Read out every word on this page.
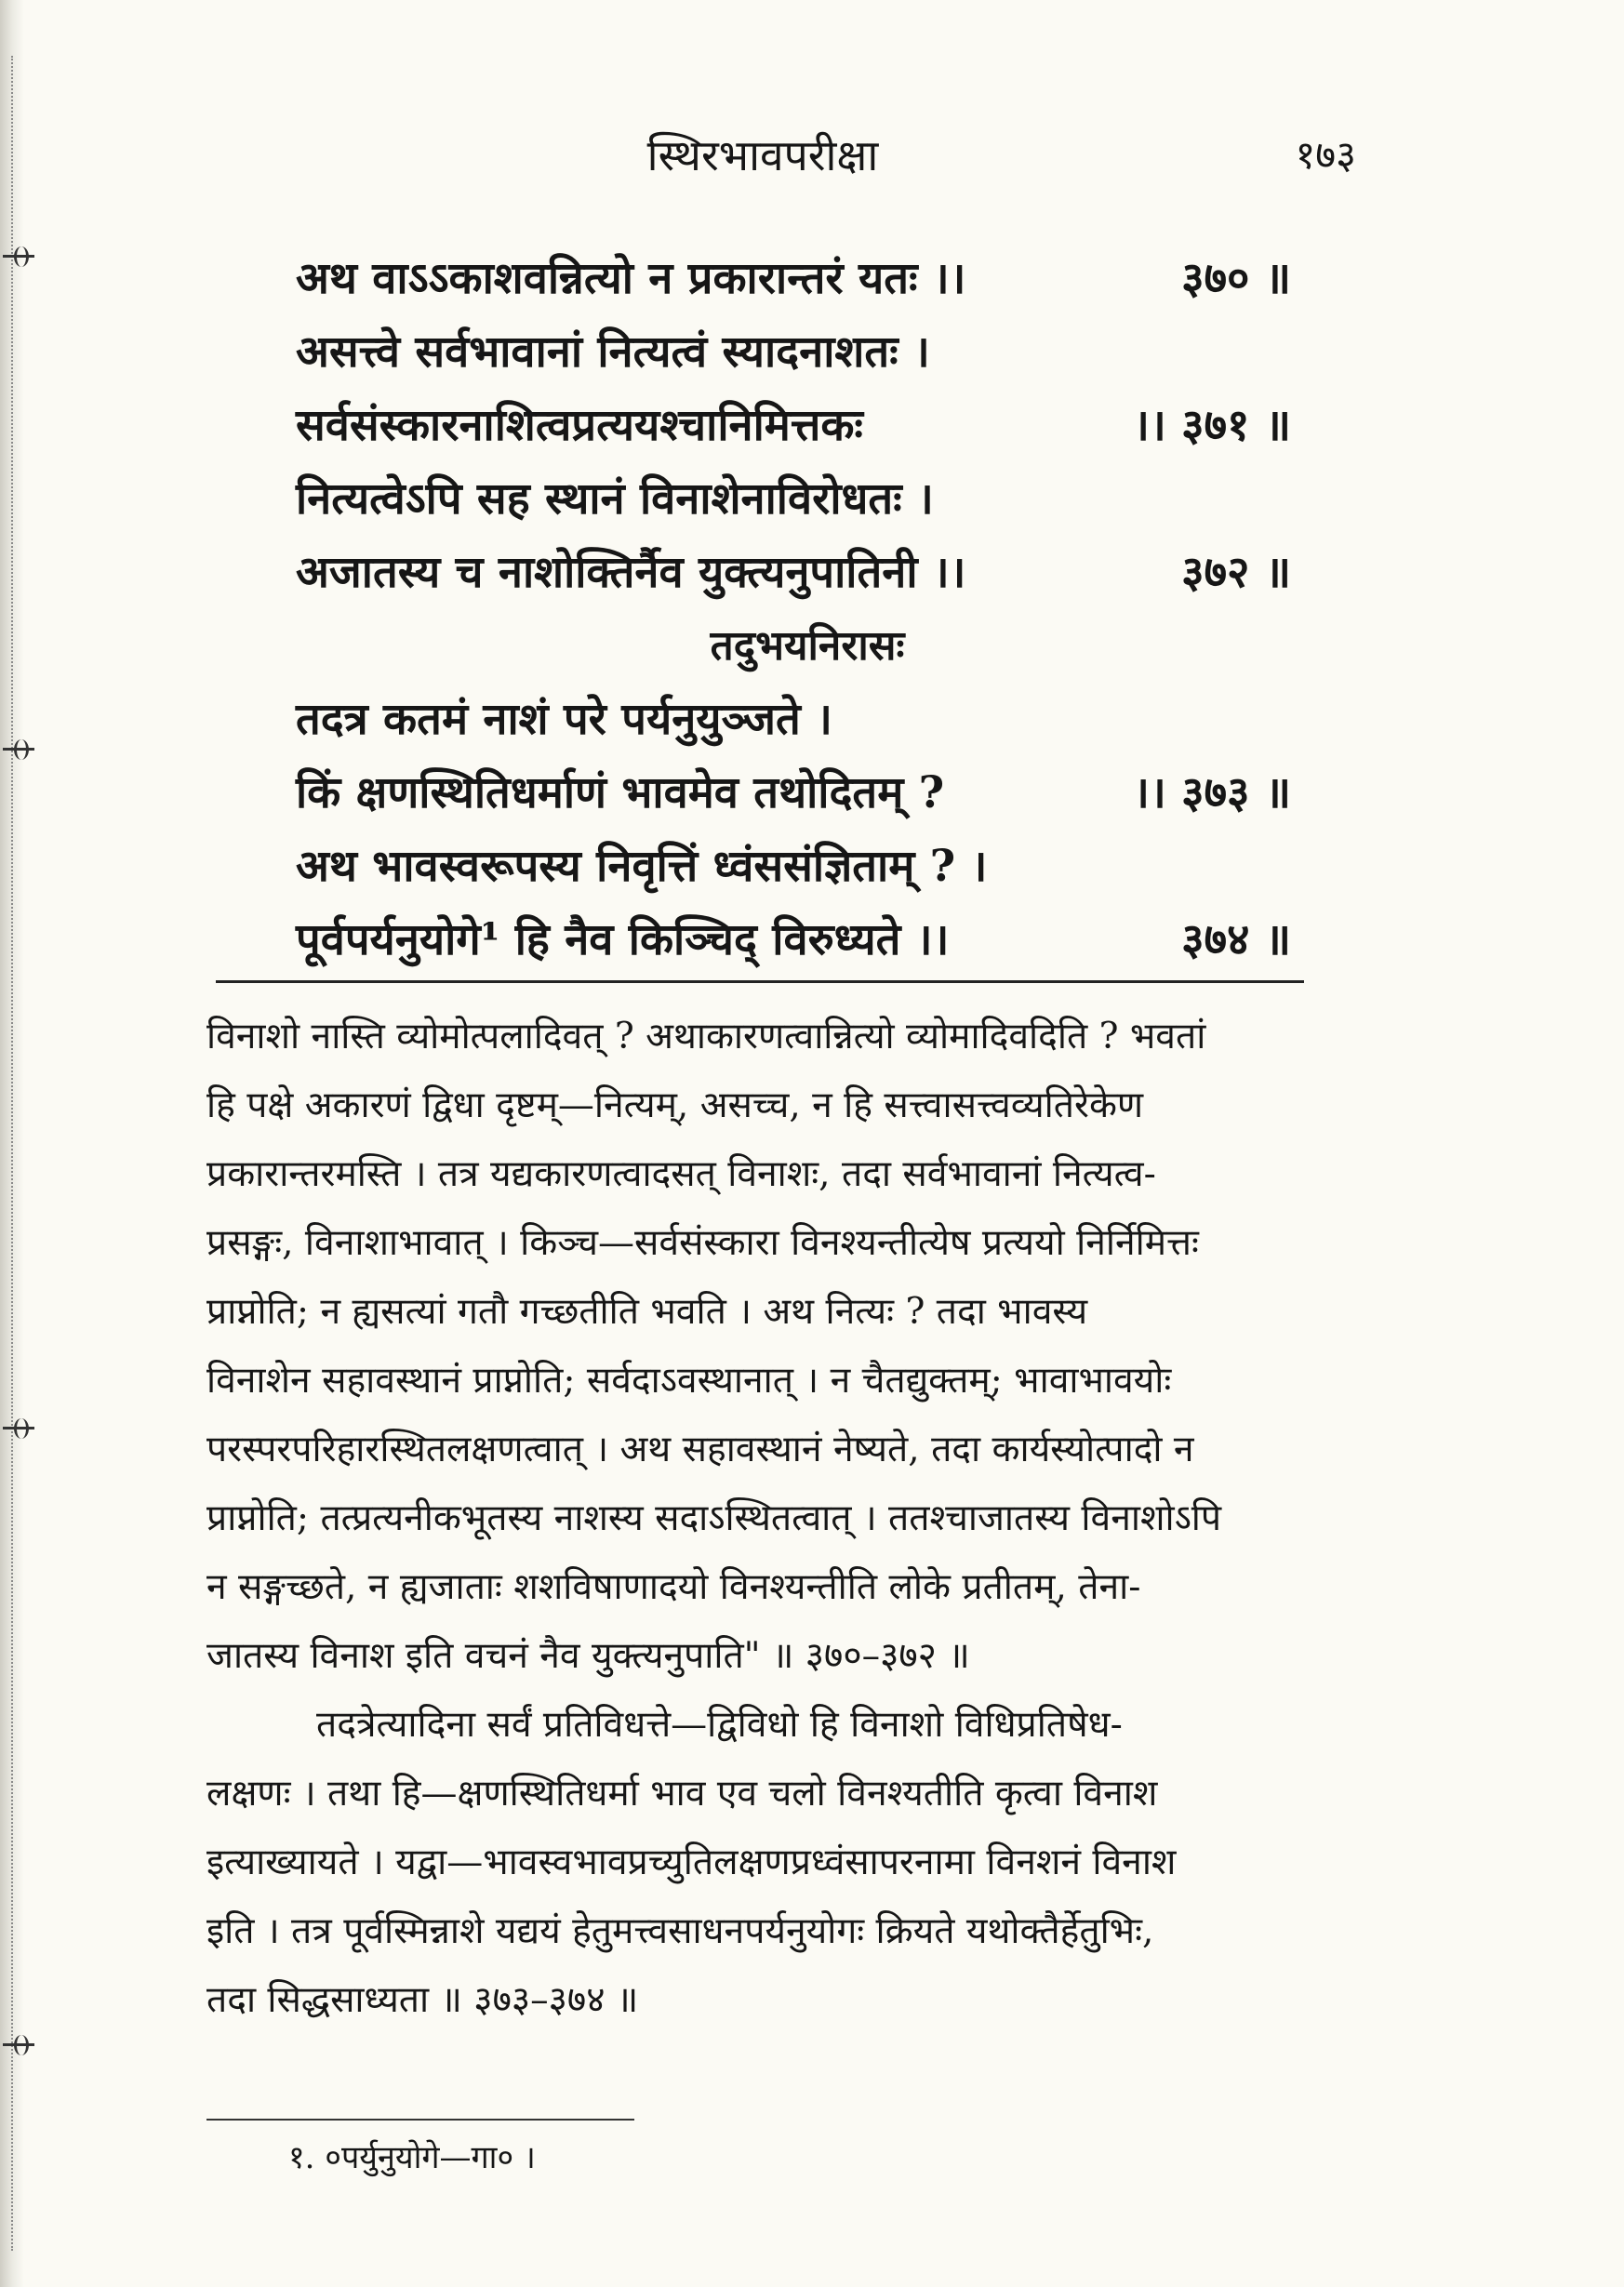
स्थिरभावपरीक्षा	१७३
अथ वाऽऽकाशवन्नित्यो न प्रकारान्तरं यतः ।।	३७० ॥
असत्त्वे सर्वभावानां नित्यत्वं स्यादनाशतः ।
सर्वसंस्कारनाशित्वप्रत्ययश्चानिमित्तकः	।। ३७१ ॥
नित्यत्वेऽपि सह स्थानं विनाशेनाविरोधतः ।
अजातस्य च नाशोक्तिर्नैव युक्त्यनुपातिनी ।।	३७२ ॥
तदुभयनिरासः
तदत्र कतमं नाशं परे पर्यनुयुञ्जते ।
किं क्षणस्थितिधर्माणं भावमेव तथोदितम् ?	।। ३७३ ॥
अथ भावस्वरूपस्य निवृत्तिं ध्वंससंज्ञिताम् ? ।
पूर्वपर्यनुयोगे¹ हि नैव किञ्चिद् विरुध्यते ।।	३७४ ॥
विनाशो नास्ति व्योमोत्पलादिवत् ? अथाकारणत्वान्नित्यो व्योमादिवदिति ? भवतां
हि पक्षे अकारणं द्विधा दृष्टम्—नित्यम्, असच्च, न हि सत्त्वासत्त्वव्यतिरेकेण
प्रकारान्तरमस्ति । तत्र यद्यकारणत्वादसत् विनाशः, तदा सर्वभावानां नित्यत्व-
प्रसङ्गः, विनाशाभावात् । किञ्च—सर्वसंस्कारा विनश्यन्तीत्येष प्रत्ययो निर्निमित्तः
प्राप्नोति; न ह्यसत्यां गतौ गच्छतीति भवति । अथ नित्यः ? तदा भावस्य
विनाशेन सहावस्थानं प्राप्नोति; सर्वदाऽवस्थानात् । न चैतद्युक्तम्; भावाभावयोः
परस्परपरिहारस्थितलक्षणत्वात् । अथ सहावस्थानं नेष्यते, तदा कार्यस्योत्पादो न
प्राप्नोति; तत्प्रत्यनीकभूतस्य नाशस्य सदाऽस्थितत्वात् । ततश्चाजातस्य विनाशोऽपि
न सङ्गच्छते, न ह्यजाताः शशविषाणादयो विनश्यन्तीति लोके प्रतीतम्, तेना-
जातस्य विनाश इति वचनं नैव युक्त्यनुपाति" ॥ ३७०–३७२ ॥
तदत्रेत्यादिना सर्वं प्रतिविधत्ते—द्विविधो हि विनाशो विधिप्रतिषेध-
लक्षणः । तथा हि—क्षणस्थितिधर्मा भाव एव चलो विनश्यतीति कृत्वा विनाश
इत्याख्यायते । यद्वा—भावस्वभावप्रच्युतिलक्षणप्रध्वंसापरनामा विनशनं विनाश
इति । तत्र पूर्वस्मिन्नाशे यद्ययं हेतुमत्त्वसाधनपर्यनुयोगः क्रियते यथोक्तैर्हेतुभिः,
तदा सिद्धसाध्यता ॥ ३७३–३७४ ॥
१. ०पर्युनुयोगे—गा० ।
